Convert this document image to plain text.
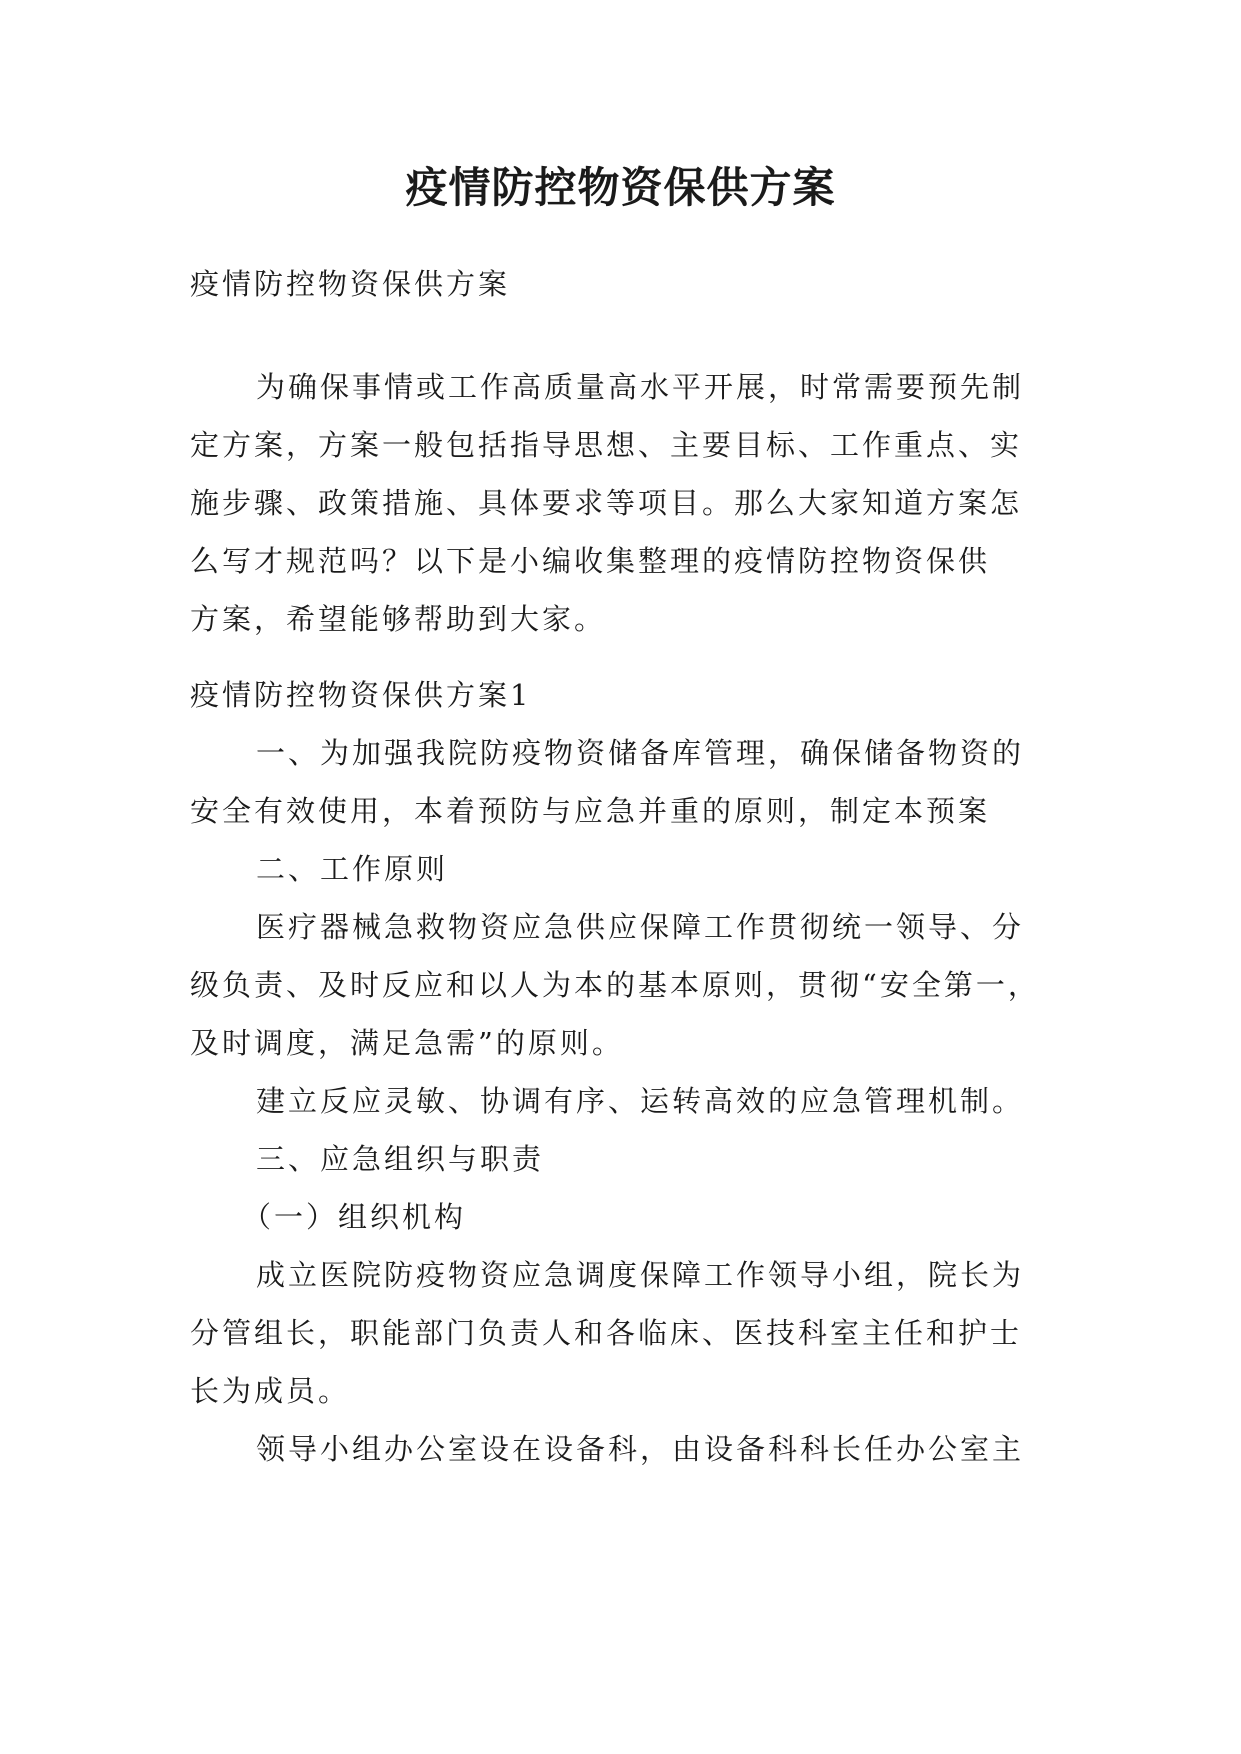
疫情防控物资保供方案
疫情防控物资保供方案
为确保事情或工作高质量高水平开展，时常需要预先制
定方案，方案一般包括指导思想、主要目标、工作重点、实
施步骤、政策措施、具体要求等项目。那么大家知道方案怎
么写才规范吗？以下是小编收集整理的疫情防控物资保供
方案，希望能够帮助到大家。
疫情防控物资保供方案1
一、为加强我院防疫物资储备库管理，确保储备物资的
安全有效使用，本着预防与应急并重的原则，制定本预案
二、工作原则
医疗器械急救物资应急供应保障工作贯彻统一领导、分
级负责、及时反应和以人为本的基本原则，贯彻“安全第一，
及时调度，满足急需”的原则。
建立反应灵敏、协调有序、运转高效的应急管理机制。
三、应急组织与职责
（一）组织机构
成立医院防疫物资应急调度保障工作领导小组，院长为
分管组长，职能部门负责人和各临床、医技科室主任和护士
长为成员。
领导小组办公室设在设备科，由设备科科长任办公室主
